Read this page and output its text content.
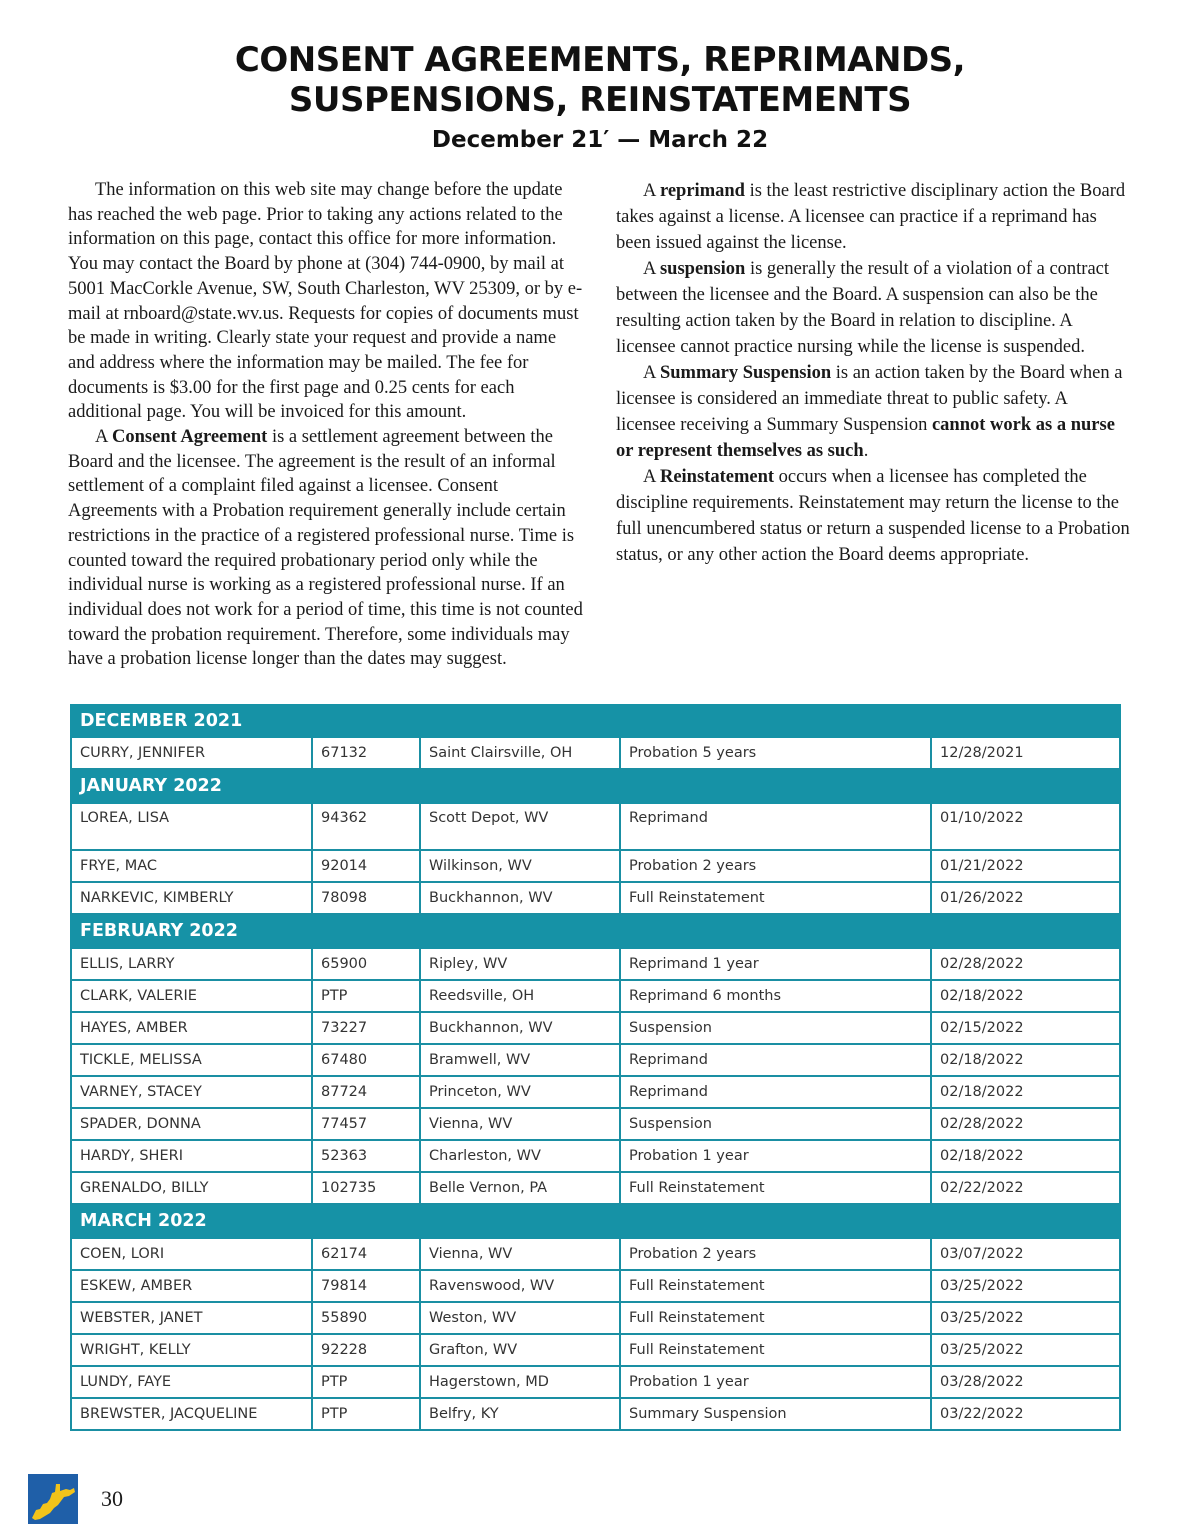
CONSENT AGREEMENTS, REPRIMANDS,
SUSPENSIONS, REINSTATEMENTS
December 21′ — March 22

The information on this web site may change before the update has reached the web page. Prior to taking any actions related to the information on this page, contact this office for more information. You may contact the Board by phone at (304) 744-0900, by mail at 5001 MacCorkle Avenue, SW, South Charleston, WV 25309, or by e-mail at rnboard@state.wv.us. Requests for copies of documents must be made in writing. Clearly state your request and provide a name and address where the information may be mailed. The fee for documents is $3.00 for the first page and 0.25 cents for each additional page. You will be invoiced for this amount.

A Consent Agreement is a settlement agreement between the Board and the licensee. The agreement is the result of an informal settlement of a complaint filed against a licensee. Consent Agreements with a Probation requirement generally include certain restrictions in the practice of a registered professional nurse. Time is counted toward the required probationary period only while the individual nurse is working as a registered professional nurse. If an individual does not work for a period of time, this time is not counted toward the probation requirement. Therefore, some individuals may have a probation license longer than the dates may suggest.

A reprimand is the least restrictive disciplinary action the Board takes against a license. A licensee can practice if a reprimand has been issued against the license.

A suspension is generally the result of a violation of a contract between the licensee and the Board. A suspension can also be the resulting action taken by the Board in relation to discipline. A licensee cannot practice nursing while the license is suspended.

A Summary Suspension is an action taken by the Board when a licensee is considered an immediate threat to public safety. A licensee receiving a Summary Suspension cannot work as a nurse or represent themselves as such.

A Reinstatement occurs when a licensee has completed the discipline requirements. Reinstatement may return the license to the full unencumbered status or return a suspended license to a Probation status, or any other action the Board deems appropriate.

DECEMBER 2021				
CURRY, JENNIFER	67132	Saint Clairsville, OH	Probation 5 years	12/28/2021
JANUARY 2022				
LOREA, LISA	94362	Scott Depot, WV	Reprimand	01/10/2022
FRYE, MAC	92014	Wilkinson, WV	Probation 2 years	01/21/2022
NARKEVIC, KIMBERLY	78098	Buckhannon, WV	Full Reinstatement	01/26/2022
FEBRUARY 2022				
ELLIS, LARRY	65900	Ripley, WV	Reprimand 1 year	02/28/2022
CLARK, VALERIE	PTP	Reedsville, OH	Reprimand 6 months	02/18/2022
HAYES, AMBER	73227	Buckhannon, WV	Suspension	02/15/2022
TICKLE, MELISSA	67480	Bramwell, WV	Reprimand	02/18/2022
VARNEY, STACEY	87724	Princeton, WV	Reprimand	02/18/2022
SPADER, DONNA	77457	Vienna, WV	Suspension	02/28/2022
HARDY, SHERI	52363	Charleston, WV	Probation 1 year	02/18/2022
GRENALDO, BILLY	102735	Belle Vernon, PA	Full Reinstatement	02/22/2022
MARCH 2022				
COEN, LORI	62174	Vienna, WV	Probation 2 years	03/07/2022
ESKEW, AMBER	79814	Ravenswood, WV	Full Reinstatement	03/25/2022
WEBSTER, JANET	55890	Weston, WV	Full Reinstatement	03/25/2022
WRIGHT, KELLY	92228	Grafton, WV	Full Reinstatement	03/25/2022
LUNDY, FAYE	PTP	Hagerstown, MD	Probation 1 year	03/28/2022
BREWSTER, JACQUELINE	PTP	Belfry, KY	Summary Suspension	03/22/2022
30
